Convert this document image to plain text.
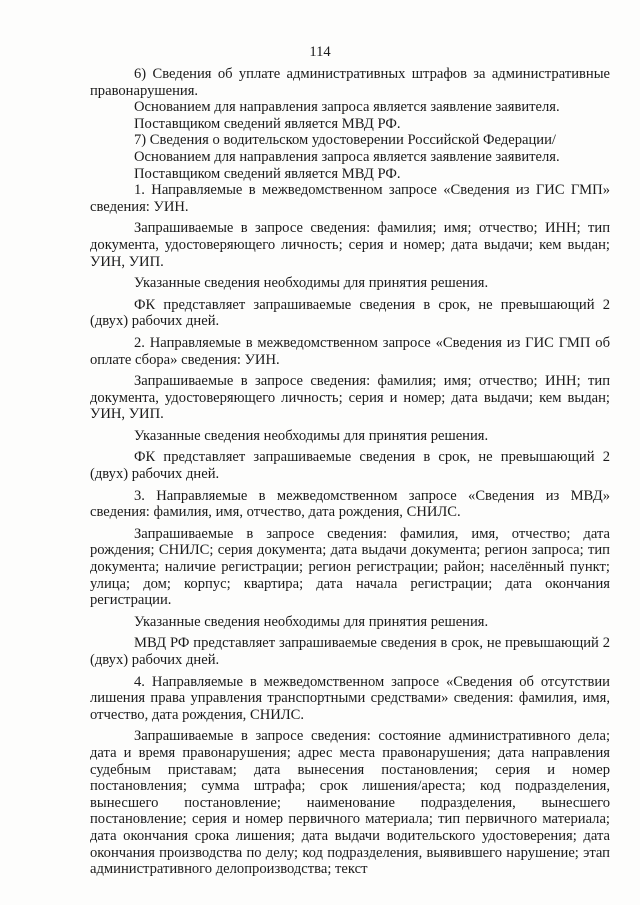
114

6) Сведения об уплате административных штрафов за административные правонарушения.

Основанием для направления запроса является заявление заявителя.

Поставщиком сведений является МВД РФ.

7) Сведения о водительском удостоверении Российской Федерации/

Основанием для направления запроса является заявление заявителя.

Поставщиком сведений является МВД РФ.

1. Направляемые в межведомственном запросе «Сведения из ГИС ГМП» сведения: УИН.

Запрашиваемые в запросе сведения: фамилия; имя; отчество; ИНН; тип документа, удостоверяющего личность; серия и номер; дата выдачи; кем выдан; УИН, УИП.

Указанные сведения необходимы для принятия решения.

ФК представляет запрашиваемые сведения в срок, не превышающий 2 (двух) рабочих дней.

2. Направляемые в межведомственном запросе «Сведения из ГИС ГМП об оплате сбора» сведения: УИН.

Запрашиваемые в запросе сведения: фамилия; имя; отчество; ИНН; тип документа, удостоверяющего личность; серия и номер; дата выдачи; кем выдан; УИН, УИП.

Указанные сведения необходимы для принятия решения.

ФК представляет запрашиваемые сведения в срок, не превышающий 2 (двух) рабочих дней.

3. Направляемые в межведомственном запросе «Сведения из МВД» сведения: фамилия, имя, отчество, дата рождения, СНИЛС.

Запрашиваемые в запросе сведения: фамилия, имя, отчество; дата рождения; СНИЛС; серия документа; дата выдачи документа; регион запроса; тип документа; наличие регистрации; регион регистрации; район; населённый пункт; улица; дом; корпус; квартира; дата начала регистрации; дата окончания регистрации.

Указанные сведения необходимы для принятия решения.

МВД РФ представляет запрашиваемые сведения в срок, не превышающий 2 (двух) рабочих дней.

4. Направляемые в межведомственном запросе «Сведения об отсутствии лишения права управления транспортными средствами» сведения: фамилия, имя, отчество, дата рождения, СНИЛС.

Запрашиваемые в запросе сведения: состояние административного дела; дата и время правонарушения; адрес места правонарушения; дата направления судебным приставам; дата вынесения постановления; серия и номер постановления; сумма штрафа; срок лишения/ареста; код подразделения, вынесшего постановление; наименование подразделения, вынесшего постановление; серия и номер первичного материала; тип первичного материала; дата окончания срока лишения; дата выдачи водительского удостоверения; дата окончания производства по делу; код подразделения, выявившего нарушение; этап административного делопроизводства; текст
